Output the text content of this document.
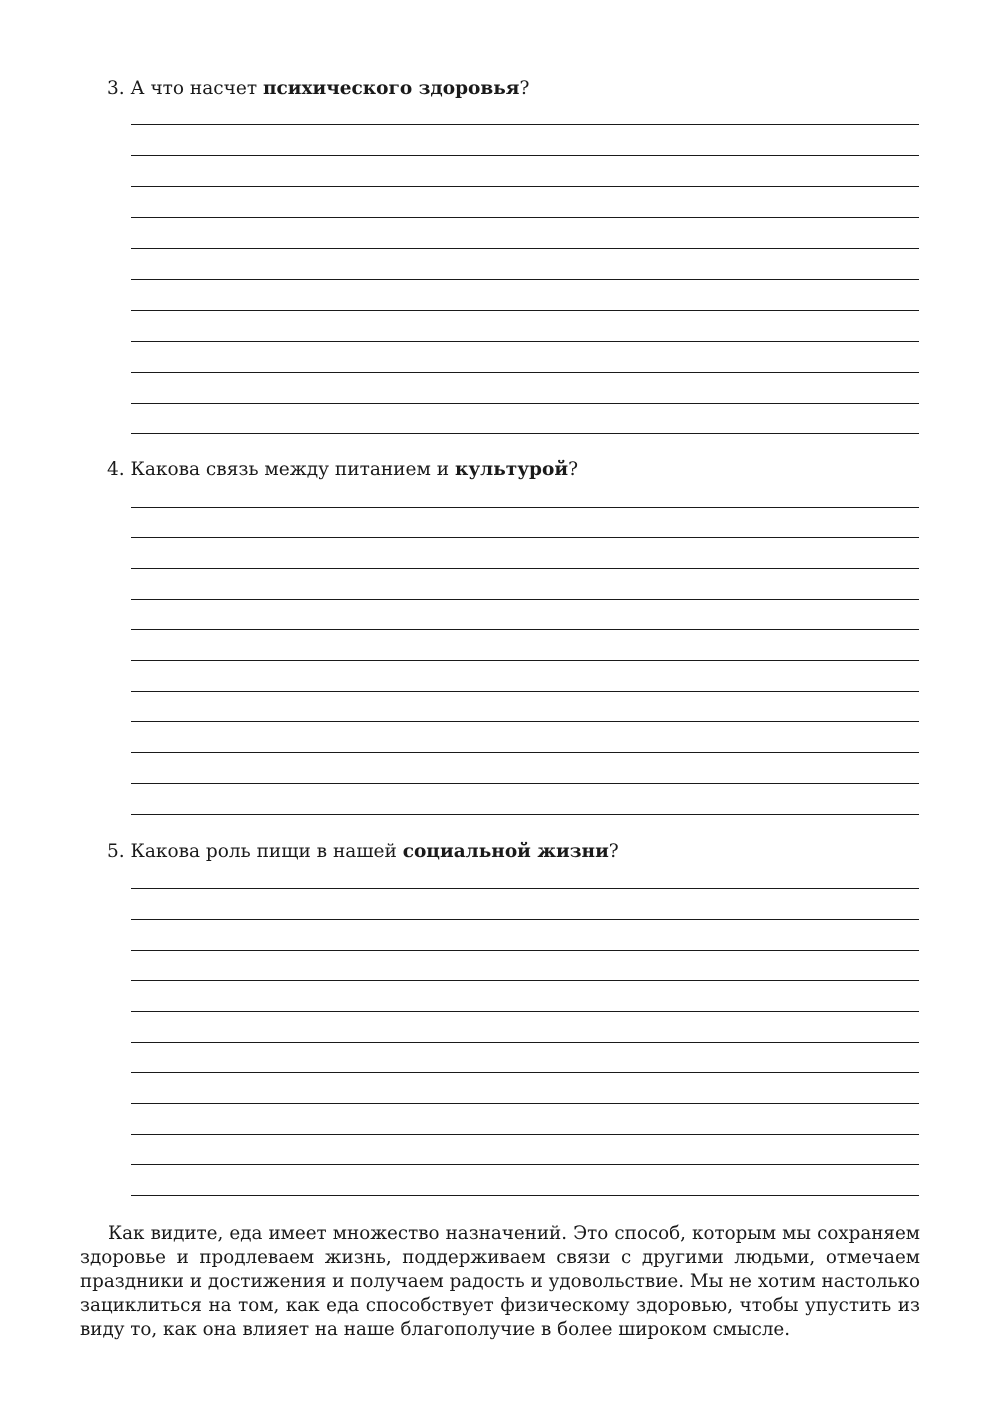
3. А что насчет психического здоровья?
4. Какова связь между питанием и культурой?
5. Какова роль пищи в нашей социальной жизни?

Как видите, еда имеет множество назначений. Это способ, которым мы сохраняем здоровье и продлеваем жизнь, поддерживаем связи с другими людьми, отмечаем праздники и достижения и получаем радость и удовольствие. Мы не хотим настолько зациклиться на том, как еда способствует физическому здоровью, чтобы упустить из виду то, как она влияет на наше благополучие в более широком смысле.
